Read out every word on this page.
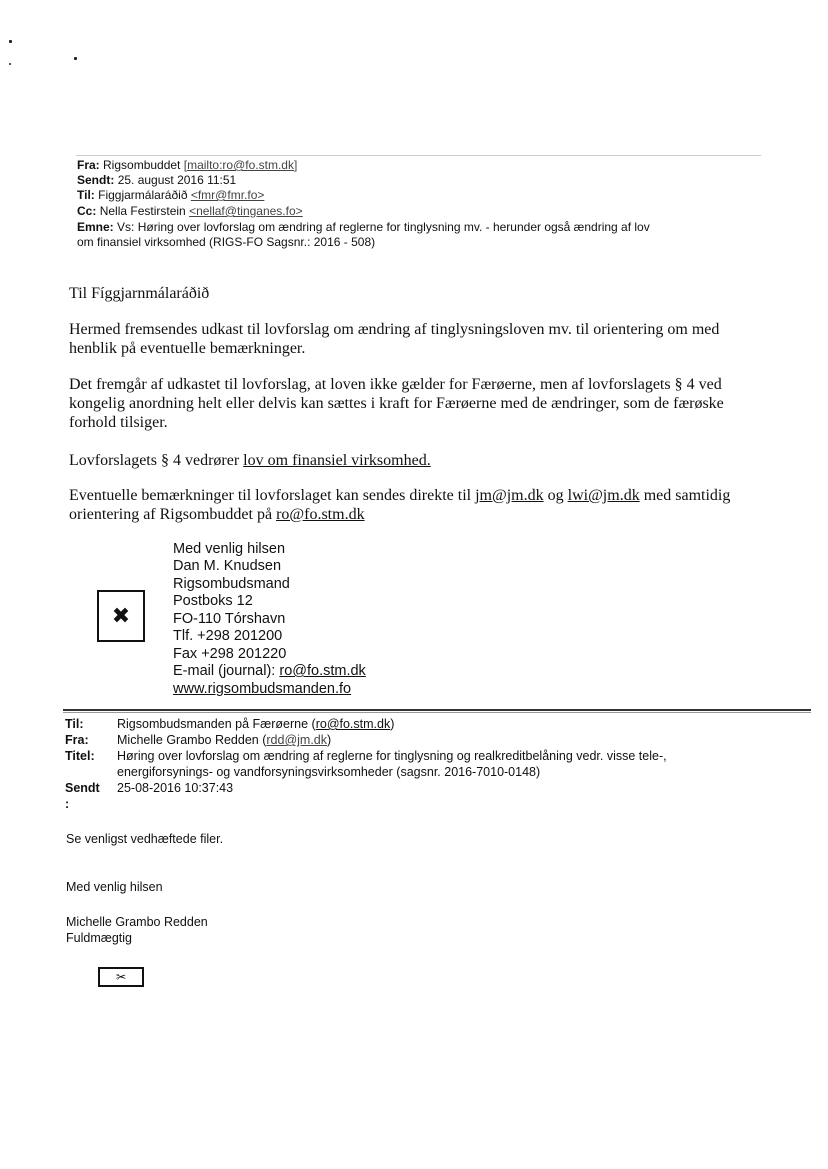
Fra: Rigsombuddet [mailto:ro@fo.stm.dk]
Sendt: 25. august 2016 11:51
Til: Figgjarmálaráðið <fmr@fmr.fo>
Cc: Nella Festirstein <nellaf@tinganes.fo>
Emne: Vs: Høring over lovforslag om ændring af reglerne for tinglysning mv. - herunder også ændring af lov
om finansiel virksomhed (RIGS-FO Sagsnr.: 2016 - 508)
Til Fíggjarnmálaráðið
Hermed fremsendes udkast til lovforslag om ændring af tinglysningsloven mv. til orientering om med henblik på eventuelle bemærkninger.
Det fremgår af udkastet til lovforslag, at loven ikke gælder for Færøerne, men af lovforslagets § 4 ved kongelig anordning helt eller delvis kan sættes i kraft for Færøerne med de ændringer, som de færøske forhold tilsiger.
Lovforslagets § 4 vedrører lov om finansiel virksomhed.
Eventuelle bemærkninger til lovforslaget kan sendes direkte til jm@jm.dk og lwi@jm.dk med samtidig orientering af Rigsombuddet på ro@fo.stm.dk
✖
Med venlig hilsen
Dan M. Knudsen
Rigsombudsmand
Postboks 12
FO-110 Tórshavn
Tlf. +298 201200
Fax +298 201220
E-mail (journal): ro@fo.stm.dk
www.rigsombudsmanden.fo
Til:	Rigsombudsmanden på Færøerne (ro@fo.stm.dk)
Fra: Michelle Grambo Redden (rdd@jm.dk)
Titel: Høring over lovforslag om ændring af reglerne for tinglysning og realkreditbelåning vedr. visse tele-,
energiforsynings- og vandforsyningsvirksomheder (sagsnr. 2016-7010-0148)
Sendt
:
25-08-2016 10:37:43
Se venligst vedhæftede filer.
Med venlig hilsen
Michelle Grambo Redden
Fuldmægtig
✂
